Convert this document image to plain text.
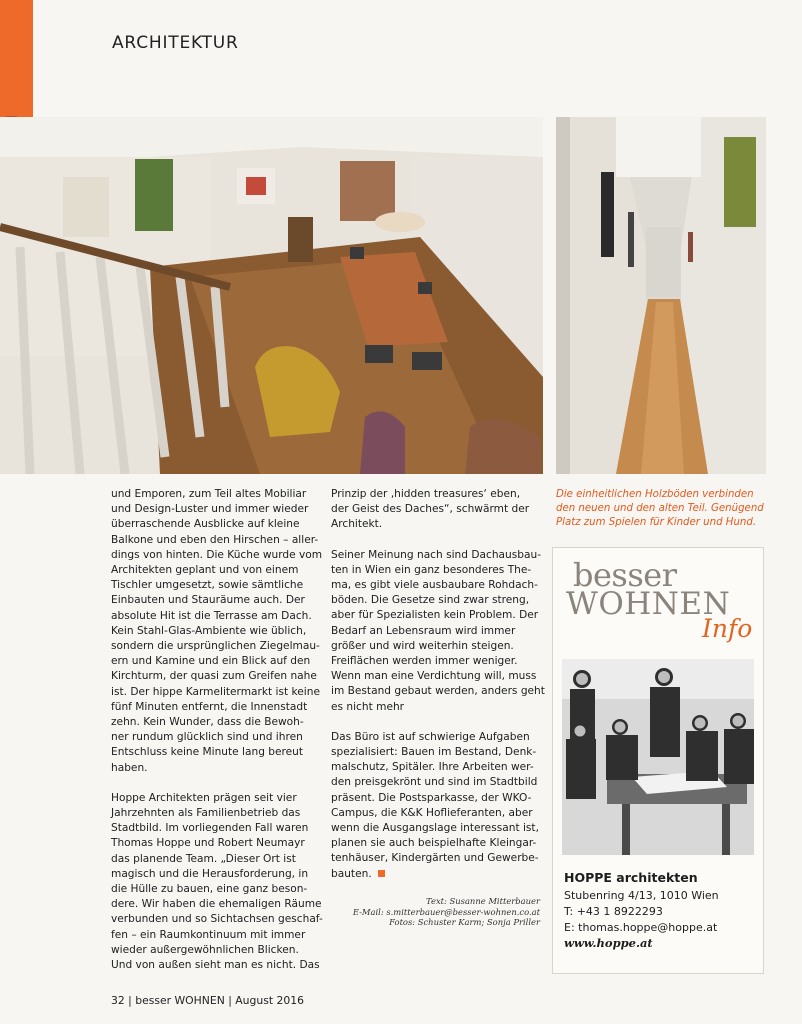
ARCHITEKTUR

und Emporen, zum Teil altes Mobiliar
und Design-Luster und immer wieder
überraschende Ausblicke auf kleine
Balkone und eben den Hirschen – aller-
dings von hinten. Die Küche wurde vom
Architekten geplant und von einem
Tischler umgesetzt, sowie sämtliche
Einbauten und Stauräume auch. Der
absolute Hit ist die Terrasse am Dach.
Kein Stahl-Glas-Ambiente wie üblich,
sondern die ursprünglichen Ziegelmau-
ern und Kamine und ein Blick auf den
Kirchturm, der quasi zum Greifen nahe
ist. Der hippe Karmelitermarkt ist keine
fünf Minuten entfernt, die Innenstadt
zehn. Kein Wunder, dass die Bewoh-
ner rundum glücklich sind und ihren
Entschluss keine Minute lang bereut
haben.

Hoppe Architekten prägen seit vier
Jahrzehnten als Familienbetrieb das
Stadtbild. Im vorliegenden Fall waren
Thomas Hoppe und Robert Neumayr
das planende Team. „Dieser Ort ist
magisch und die Herausforderung, in
die Hülle zu bauen, eine ganz beson-
dere. Wir haben die ehemaligen Räume
verbunden und so Sichtachsen geschaf-
fen – ein Raumkontinuum mit immer
wieder außergewöhnlichen Blicken.
Und von außen sieht man es nicht. Das

Prinzip der ‚hidden treasures‘ eben,
der Geist des Daches“, schwärmt der
Architekt.

Seiner Meinung nach sind Dachausbau-
ten in Wien ein ganz besonderes The-
ma, es gibt viele ausbaubare Rohdach-
böden. Die Gesetze sind zwar streng,
aber für Spezialisten kein Problem. Der
Bedarf an Lebensraum wird immer
größer und wird weiterhin steigen.
Freiflächen werden immer weniger.
Wenn man eine Verdichtung will, muss
im Bestand gebaut werden, anders geht
es nicht mehr

Das Büro ist auf schwierige Aufgaben
spezialisiert: Bauen im Bestand, Denk-
malschutz, Spitäler. Ihre Arbeiten wer-
den preisgekrönt und sind im Stadtbild
präsent. Die Postsparkasse, der WKO-
Campus, die K&K Hoflieferanten, aber
wenn die Ausgangslage interessant ist,
planen sie auch beispielhafte Kleingar-
tenhäuser, Kindergärten und Gewerbe-
bauten.

Text: Susanne Mitterbauer
E-Mail: s.mitterbauer@besser-wohnen.co.at
Fotos: Schuster Karm; Sonja Priller
Die einheitlichen Holzböden verbinden
den neuen und den alten Teil. Genügend
Platz zum Spielen für Kinder und Hund.
besser
WOHNEN
Info
HOPPE architekten
Stubenring 4/13, 1010 Wien
T: +43 1 8922293
E: thomas.hoppe@hoppe.at
www.hoppe.at
32 | besser WOHNEN | August 2016
